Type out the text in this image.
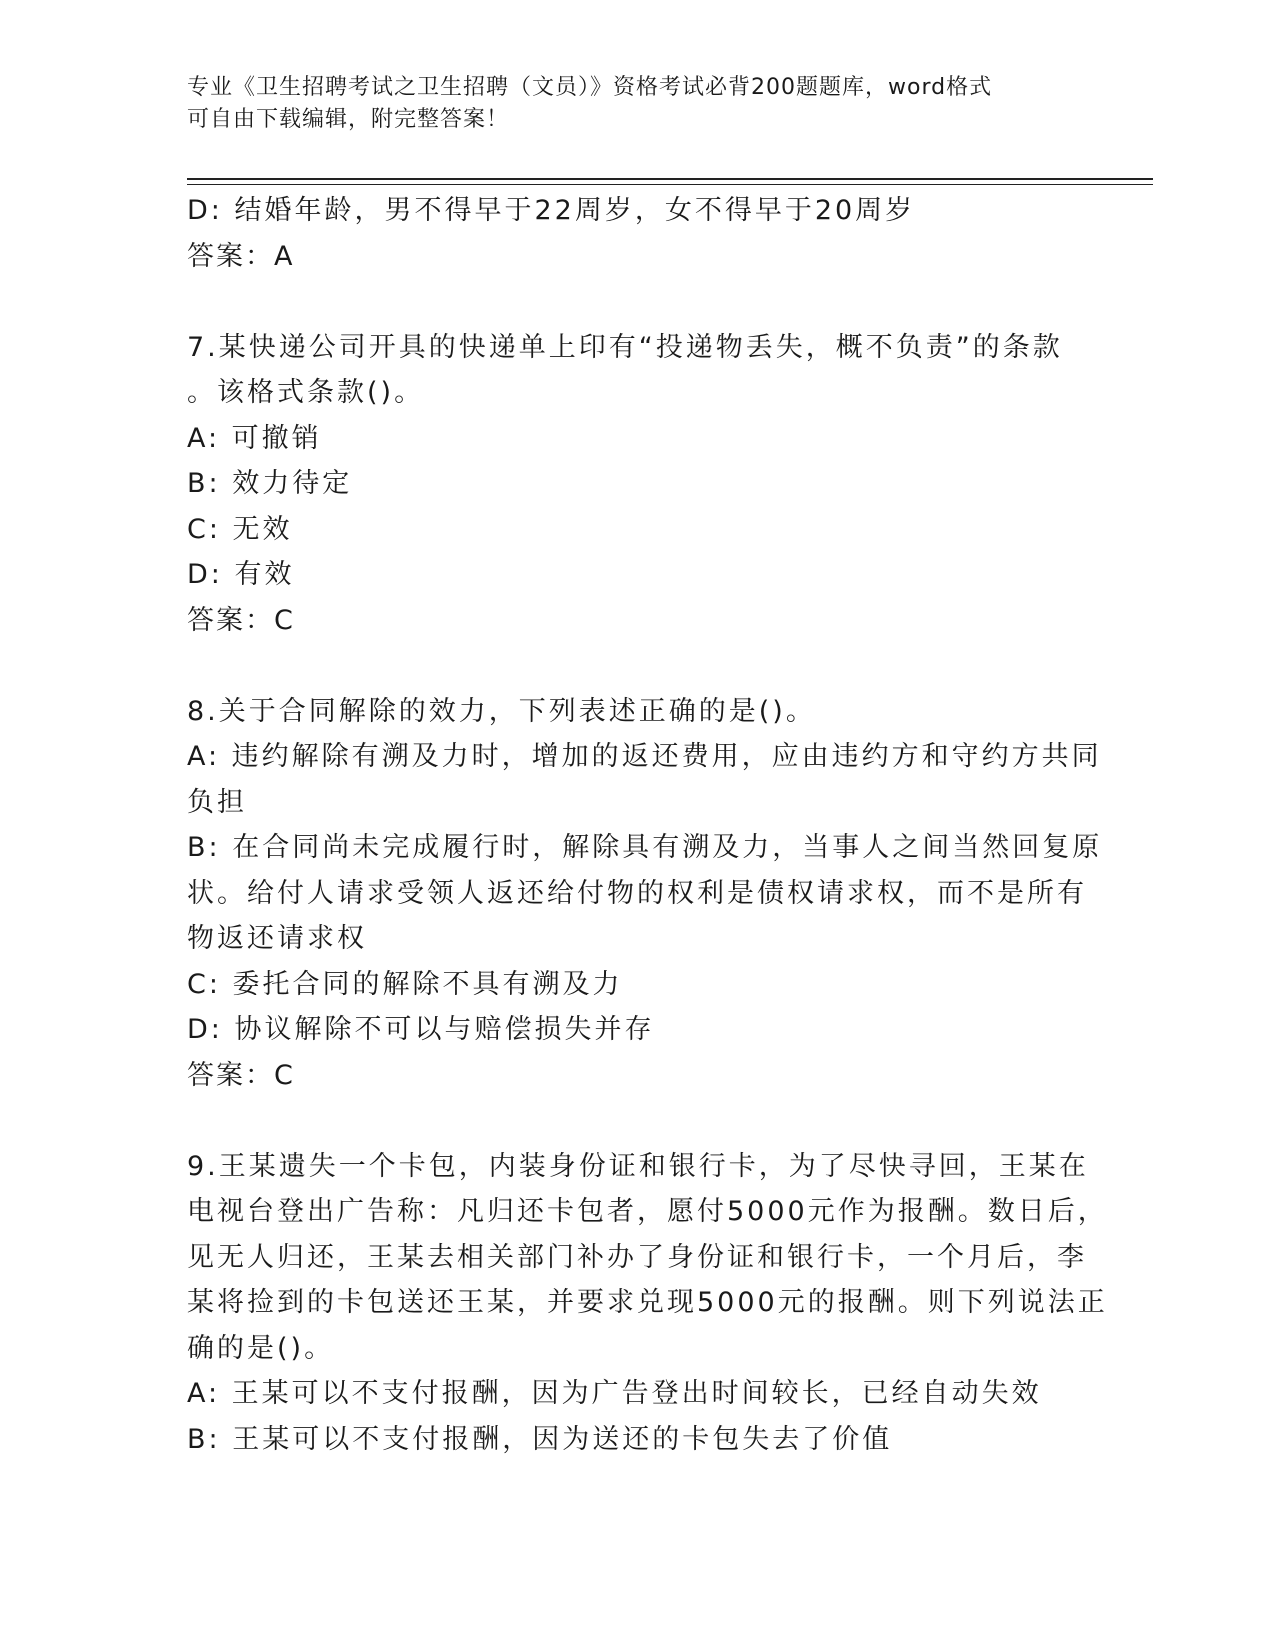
专业《卫生招聘考试之卫生招聘（文员）》资格考试必背200题题库，word格式
可自由下载编辑，附完整答案！
D: 结婚年龄，男不得早于22周岁，女不得早于20周岁
答案：A
7.某快递公司开具的快递单上印有“投递物丢失，概不负责”的条款
。该格式条款()。
A: 可撤销
B: 效力待定
C: 无效
D: 有效
答案：C
8.关于合同解除的效力，下列表述正确的是()。
A: 违约解除有溯及力时，增加的返还费用，应由违约方和守约方共同
负担
B: 在合同尚未完成履行时，解除具有溯及力，当事人之间当然回复原
状。给付人请求受领人返还给付物的权利是债权请求权，而不是所有
物返还请求权
C: 委托合同的解除不具有溯及力
D: 协议解除不可以与赔偿损失并存
答案：C
9.王某遗失一个卡包，内装身份证和银行卡，为了尽快寻回，王某在
电视台登出广告称：凡归还卡包者，愿付5000元作为报酬。数日后，
见无人归还，王某去相关部门补办了身份证和银行卡，一个月后，李
某将捡到的卡包送还王某，并要求兑现5000元的报酬。则下列说法正
确的是()。
A: 王某可以不支付报酬，因为广告登出时间较长，已经自动失效
B: 王某可以不支付报酬，因为送还的卡包失去了价值
